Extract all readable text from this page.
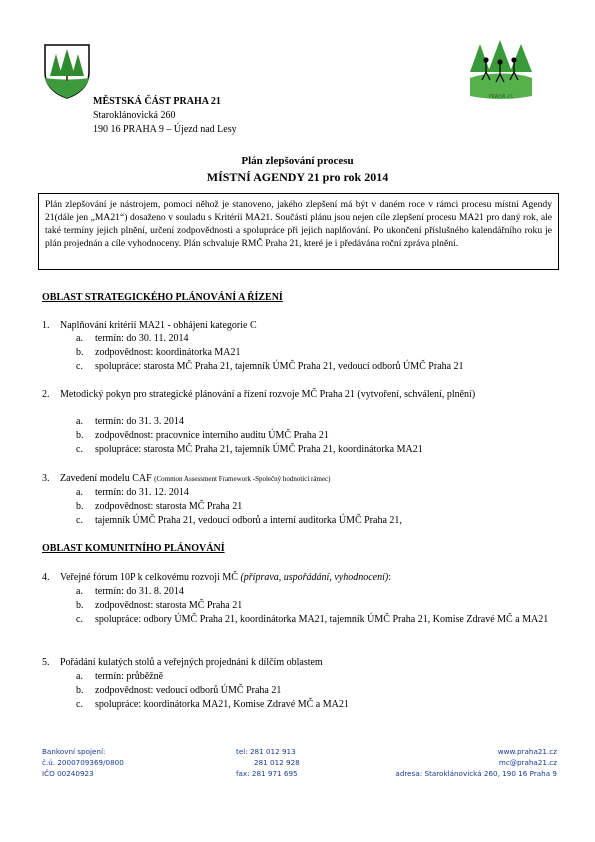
PRAHA 21
MĚSTSKÁ ČÁST PRAHA 21
Staroklánovická 260
190 16 PRAHA 9 – Újezd nad Lesy
Plán zlepšování procesu
MÍSTNÍ AGENDY 21 pro rok 2014
Plán zlepšování je nástrojem, pomocí něhož je stanoveno, jakého zlepšení má být v daném roce v rámci procesu místní Agendy 21(dále jen „MA21“) dosaženo v souladu s Kritérii MA21. Součástí plánu jsou nejen cíle zlepšení procesu MA21 pro daný rok, ale také termíny jejich plnění, určení zodpovědnosti a spolupráce při jejich naplňování. Po ukončení příslušného kalendářního roku je plán projednán a cíle vyhodnoceny. Plán schvaluje RMČ Praha 21, které je i předávána roční zpráva plnění.
OBLAST STRATEGICKÉHO PLÁNOVÁNÍ A ŘÍZENÍ
1.	Naplňování kritérií MA21 - obhájení kategorie C
a. termín: do 30. 11. 2014
b. zodpovědnost: koordinátorka MA21
c. spolupráce: starosta MČ Praha 21, tajemník ÚMČ Praha 21, vedoucí odborů ÚMČ Praha 21
2.	Metodický pokyn pro strategické plánování a řízení rozvoje MČ Praha 21 (vytvoření, schválení, plnění)
a. termín: do 31. 3. 2014
b. zodpovědnost: pracovnice interního auditu ÚMČ Praha 21
c. spolupráce: starosta MČ Praha 21, tajemník ÚMČ Praha 21, koordinátorka MA21
3.	Zavedení modelu CAF (Common Assessment Framework -Společný hodnotící rámec)
a. termín: do 31. 12. 2014
b. zodpovědnost: starosta MČ Praha 21
c. tajemník ÚMČ Praha 21, vedoucí odborů a interní auditorka ÚMČ Praha 21,
OBLAST KOMUNITNÍHO PLÁNOVÁNÍ
4.	Veřejné fórum 10P k celkovému rozvoji MČ (příprava, uspořádání, vyhodnocení):
a. termín: do 31. 8. 2014
b. zodpovědnost: starosta MČ Praha 21
c. spolupráce: odbory ÚMČ Praha 21, koordinátorka MA21, tajemník ÚMČ Praha 21, Komise Zdravé MČ a MA21
5.	Pořádání kulatých stolů a veřejných projednání k dílčím oblastem
a. termín: průběžně
b. zodpovědnost: vedoucí odborů ÚMČ Praha 21
c. spolupráce: koordinátorka MA21, Komise Zdravé MČ a MA21
Bankovní spojení:
č.ú. 2000709369/0800
IČO 00240923
tel: 281 012 913
281 012 928
fax: 281 971 695
www.praha21.cz
mc@praha21.cz
adresa: Staroklánovická 260, 190 16 Praha 9
